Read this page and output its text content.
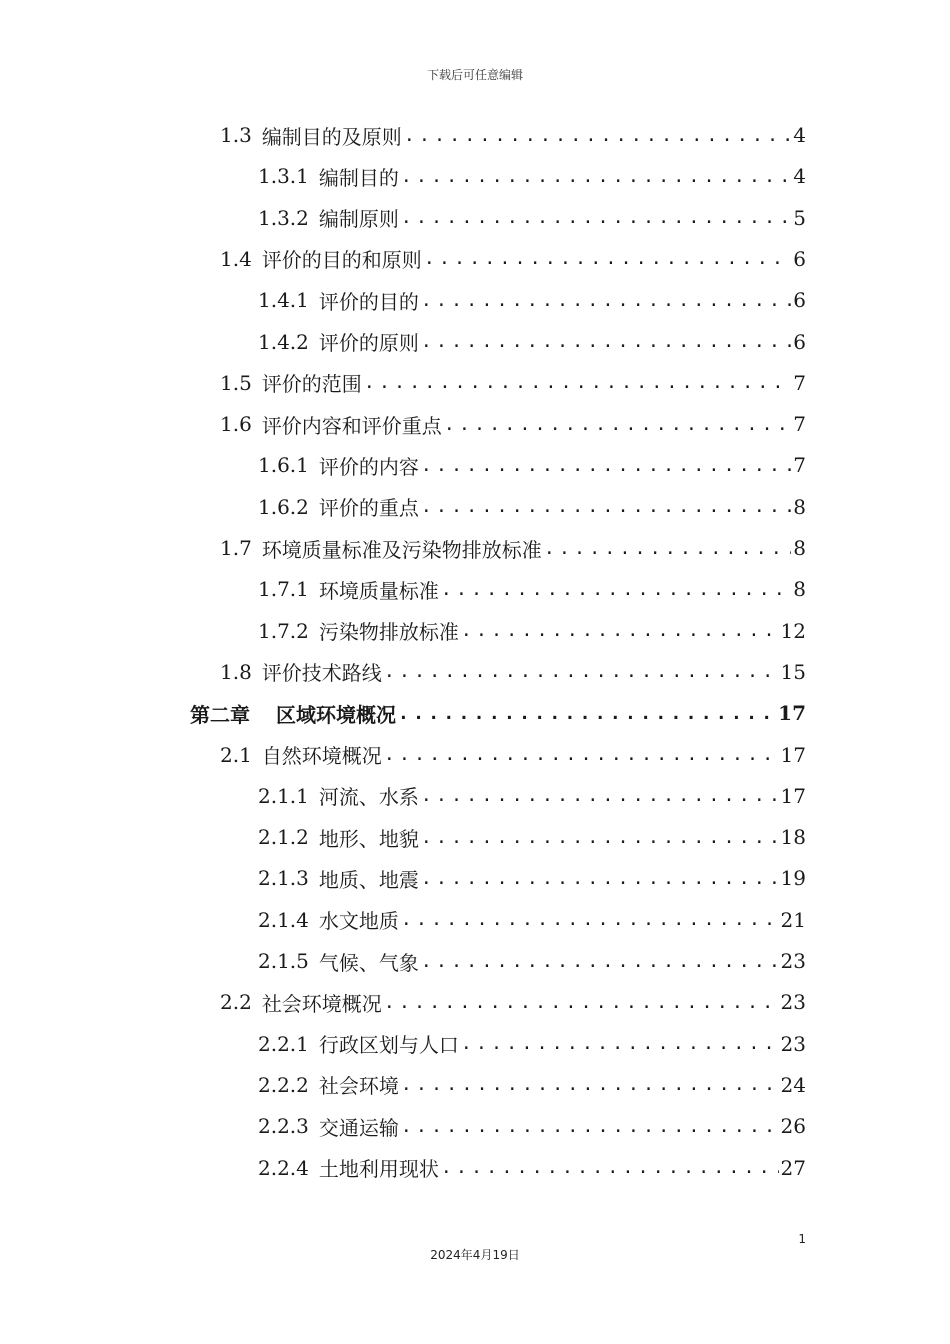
下载后可任意编辑
1.3 编制目的及原则 .....	4
1.3.1 编制目的 .....	4
1.3.2 编制原则 .....	5
1.4 评价的目的和原则 .....	6
1.4.1 评价的目的 .....	6
1.4.2 评价的原则 .....	6
1.5 评价的范围 .....	7
1.6 评价内容和评价重点 .....	7
1.6.1 评价的内容 .....	7
1.6.2 评价的重点 .....	8
1.7 环境质量标准及污染物排放标准 .....	8
1.7.1 环境质量标准 .....	8
1.7.2 污染物排放标准 .....	12
1.8 评价技术路线 .....	15
第二章 区域环境概况 .....	17
2.1 自然环境概况 .....	17
2.1.1 河流、水系 .....	17
2.1.2 地形、地貌 .....	18
2.1.3 地质、地震 .....	19
2.1.4 水文地质 .....	21
2.1.5 气候、气象 .....	23
2.2 社会环境概况 .....	23
2.2.1 行政区划与人口 .....	23
2.2.2 社会环境 .....	24
2.2.3 交通运输 .....	26
2.2.4 土地利用现状 .....	27
1
2024年4月19日
